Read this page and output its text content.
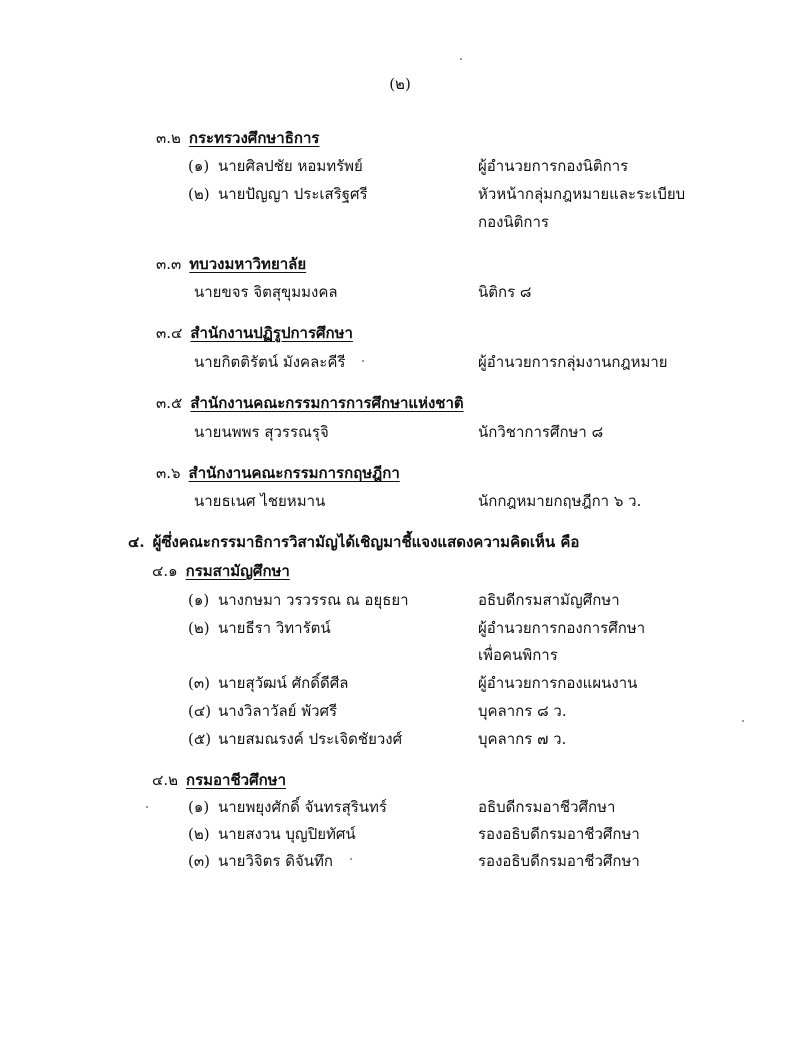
(๒)
๓.๒ กระทรวงศึกษาธิการ
(๑) นายศิลปชัย หอมทรัพย์	ผู้อำนวยการกองนิติการ
(๒) นายปัญญา ประเสริฐศรี	หัวหน้ากลุ่มกฎหมายและระเบียบ
กองนิติการ
๓.๓ ทบวงมหาวิทยาลัย
นายขจร จิตสุขุมมงคล	นิติกร ๘
๓.๔ สำนักงานปฏิรูปการศึกษา
นายกิตติรัตน์ มังคละคีรี	ผู้อำนวยการกลุ่มงานกฎหมาย
๓.๕ สำนักงานคณะกรรมการการศึกษาแห่งชาติ
นายนพพร สุวรรณรุจิ	นักวิชาการศึกษา ๘
๓.๖ สำนักงานคณะกรรมการกฤษฎีกา
นายธเนศ ไชยหมาน	นักกฎหมายกฤษฎีกา ๖ ว.
๔. ผู้ซึ่งคณะกรรมาธิการวิสามัญได้เชิญมาชี้แจงแสดงความคิดเห็น คือ
๔.๑ กรมสามัญศึกษา
(๑) นางกษมา วรวรรณ ณ อยุธยา	อธิบดีกรมสามัญศึกษา
(๒) นายธีรา วิทารัตน์	ผู้อำนวยการกองการศึกษา
เพื่อคนพิการ
(๓) นายสุวัฒน์ ศักดิ์ดีศีล	ผู้อำนวยการกองแผนงาน
(๔) นางวิลาวัลย์ พัวศรี	บุคลากร ๘ ว.
(๕) นายสมณรงค์ ประเจิดชัยวงศ์	บุคลากร ๗ ว.
๔.๒ กรมอาชีวศึกษา
(๑) นายพยุงศักดิ์ จันทรสุรินทร์	อธิบดีกรมอาชีวศึกษา
(๒) นายสงวน บุญปิยทัศน์	รองอธิบดีกรมอาชีวศึกษา
(๓) นายวิจิตร ดิจันทึก	รองอธิบดีกรมอาชีวศึกษา
